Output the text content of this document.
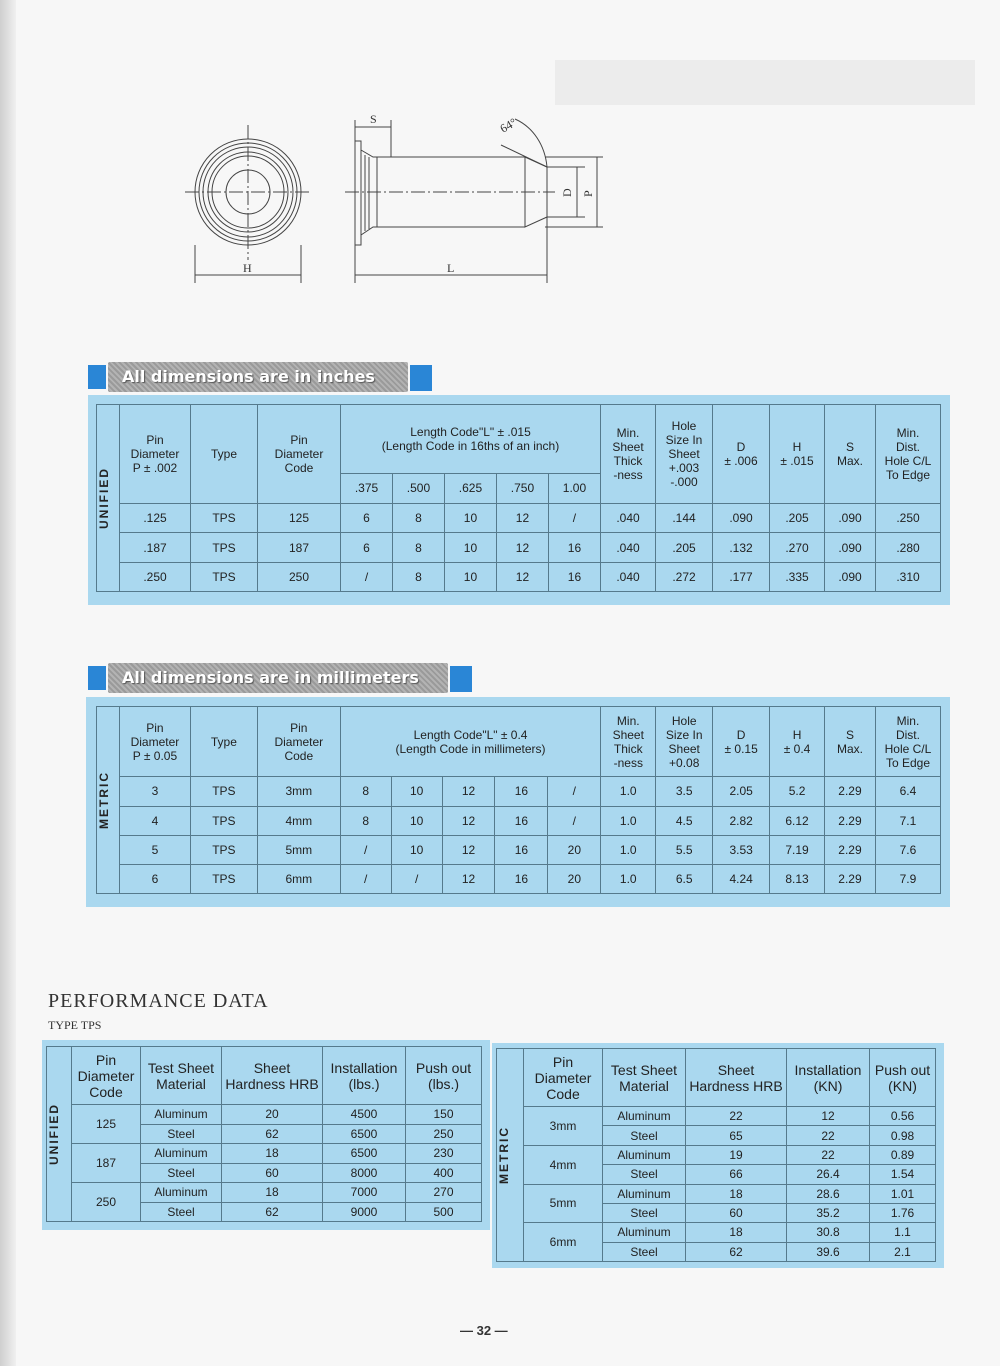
S	64°
D P
H	L
All dimensions are in inches
UNIFIED	Pin
Diameter
P ± .002	Type	Pin
Diameter
Code	Length Code"L" ± .015
(Length Code in 16ths of an inch)					Min.
Sheet
Thick
-ness	Hole
Size In
Sheet
+.003
-.000	D
± .006	H
± .015	S
Max.	Min.
Dist.
Hole C/L
To Edge
				.375	.500	.625	.750	1.00						
	.125	TPS	125	6	8	10	12	/	.040	.144	.090	.205	.090	.250
	.187	TPS	187	6	8	10	12	16	.040	.205	.132	.270	.090	.280
	.250	TPS	250	/	8	10	12	16	.040	.272	.177	.335	.090	.310
All dimensions are in millimeters
METRIC	Pin
Diameter
P ± 0.05	Type	Pin
Diameter
Code	Length Code"L" ± 0.4
(Length Code in millimeters)					Min.
Sheet
Thick
-ness	Hole
Size In
Sheet
+0.08	D
± 0.15	H
± 0.4	S
Max.	Min.
Dist.
Hole C/L
To Edge
	3	TPS	3mm	8	10	12	16	/	1.0	3.5	2.05	5.2	2.29	6.4
	4	TPS	4mm	8	10	12	16	/	1.0	4.5	2.82	6.12	2.29	7.1
	5	TPS	5mm	/	10	12	16	20	1.0	5.5	3.53	7.19	2.29	7.6
	6	TPS	6mm	/	/	12	16	20	1.0	6.5	4.24	8.13	2.29	7.9
PERFORMANCE DATA
TYPE TPS
UNIFIED	Pin
Diameter
Code	Test Sheet
Material	Sheet
Hardness HRB	Installation
(lbs.)	Push out
(lbs.)
	125	Aluminum	20	4500	150
		Steel	62	6500	250
	187	Aluminum	18	6500	230
		Steel	60	8000	400
	250	Aluminum	18	7000	270
		Steel	62	9000	500
METRIC	Pin
Diameter
Code	Test Sheet
Material	Sheet
Hardness HRB	Installation
(KN)	Push out
(KN)
	3mm	Aluminum	22	12	0.56
		Steel	65	22	0.98
	4mm	Aluminum	19	22	0.89
		Steel	66	26.4	1.54
	5mm	Aluminum	18	28.6	1.01
		Steel	60	35.2	1.76
	6mm	Aluminum	18	30.8	1.1
		Steel	62	39.6	2.1
— 32 —
